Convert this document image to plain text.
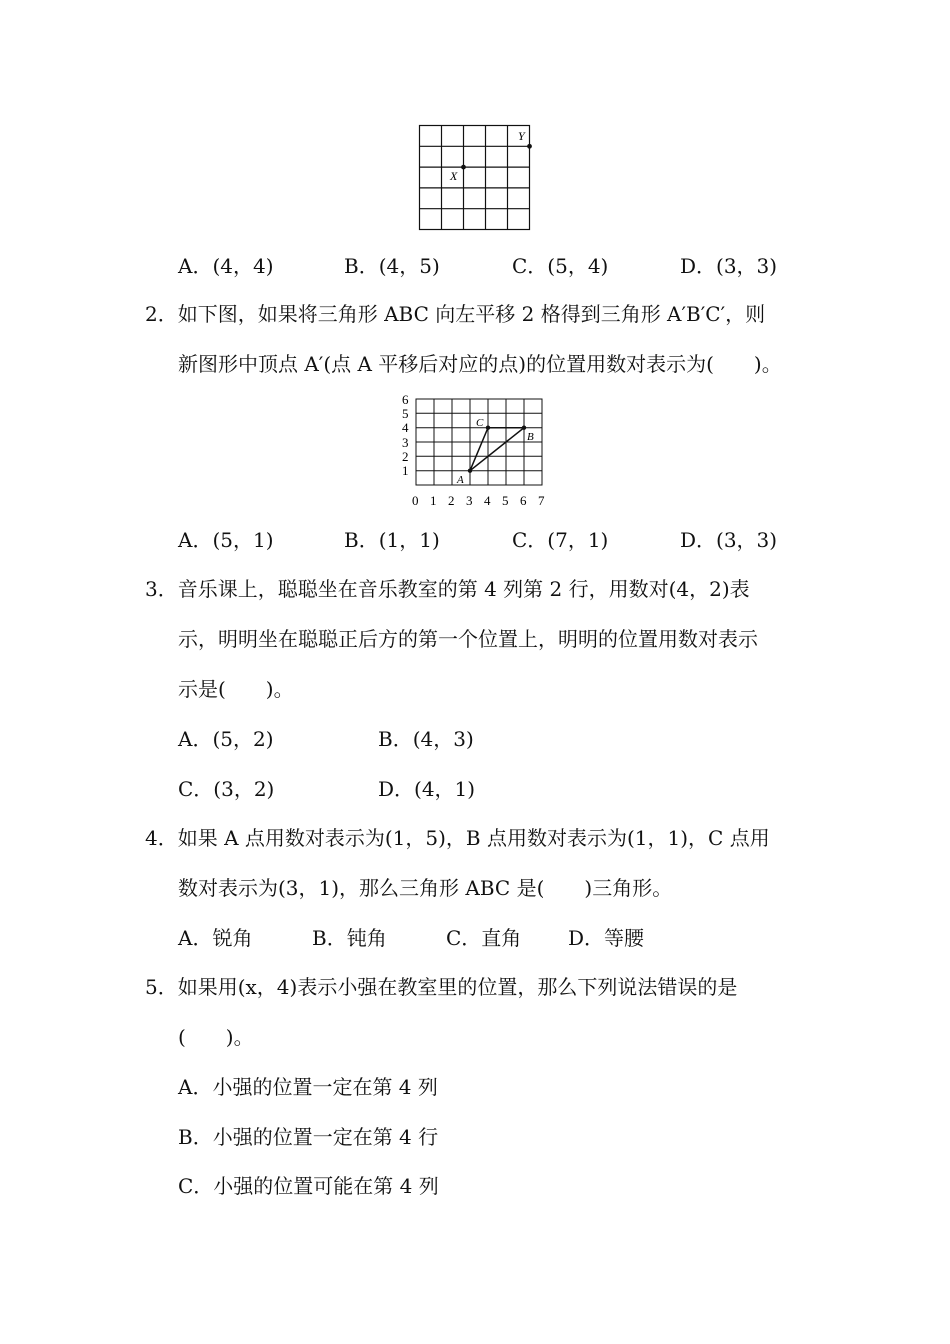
X
Y
A．(4，4)	B．(4，5)	C．(5，4)	D．(3，3)
2．如下图，如果将三角形 ABC 向左平移 2 格得到三角形 A′B′C′，则
新图形中顶点 A′(点 A 平移后对应的点)的位置用数对表示为(　　)。
A
B
C
1
2
3
4
5
6
0 1 2 3 4 5 6 7
A．(5，1)	B．(1，1)	C．(7，1)	D．(3，3)
3．音乐课上，聪聪坐在音乐教室的第 4 列第 2 行，用数对(4，2)表
示，明明坐在聪聪正后方的第一个位置上，明明的位置用数对表示
示是(　　)。
A．(5，2)	B．(4，3)
C．(3，2)	D．(4，1)
4．如果 A 点用数对表示为(1，5)，B 点用数对表示为(1，1)，C 点用
数对表示为(3，1)，那么三角形 ABC 是(　　)三角形。
A．锐角	B．钝角	C．直角 D．等腰
5．如果用(x，4)表示小强在教室里的位置，那么下列说法错误的是
(　　)。
A．小强的位置一定在第 4 列
B．小强的位置一定在第 4 行
C．小强的位置可能在第 4 列
